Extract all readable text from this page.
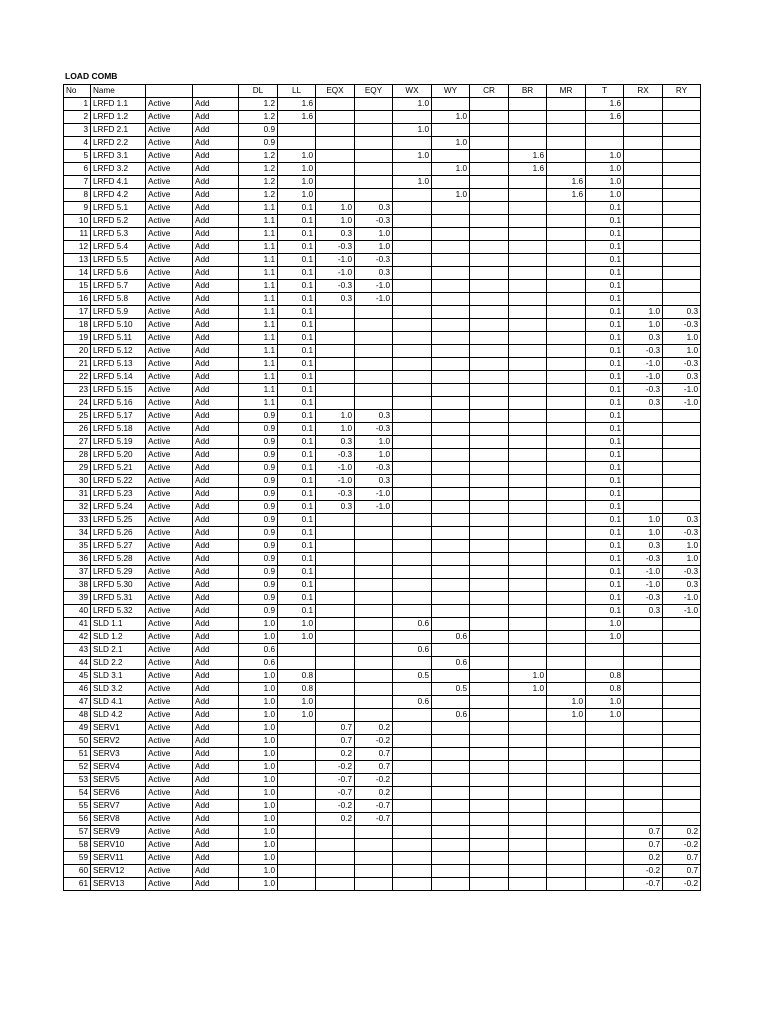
LOAD COMB
No	Name			DL	LL	EQX	EQY	WX	WY	CR	BR	MR	T	RX	RY
1	LRFD 1.1	Active	Add	1.2	1.6			1.0					1.6		
2	LRFD 1.2	Active	Add	1.2	1.6				1.0				1.6		
3	LRFD 2.1	Active	Add	0.9				1.0							
4	LRFD 2.2	Active	Add	0.9					1.0						
5	LRFD 3.1	Active	Add	1.2	1.0			1.0			1.6		1.0		
6	LRFD 3.2	Active	Add	1.2	1.0				1.0		1.6		1.0		
7	LRFD 4.1	Active	Add	1.2	1.0			1.0				1.6	1.0		
8	LRFD 4.2	Active	Add	1.2	1.0				1.0			1.6	1.0		
9	LRFD 5.1	Active	Add	1.1	0.1	1.0	0.3						0.1		
10	LRFD 5.2	Active	Add	1.1	0.1	1.0	-0.3						0.1		
11	LRFD 5.3	Active	Add	1.1	0.1	0.3	1.0						0.1		
12	LRFD 5.4	Active	Add	1.1	0.1	-0.3	1.0						0.1		
13	LRFD 5.5	Active	Add	1.1	0.1	-1.0	-0.3						0.1		
14	LRFD 5.6	Active	Add	1.1	0.1	-1.0	0.3						0.1		
15	LRFD 5.7	Active	Add	1.1	0.1	-0.3	-1.0						0.1		
16	LRFD 5.8	Active	Add	1.1	0.1	0.3	-1.0						0.1		
17	LRFD 5.9	Active	Add	1.1	0.1								0.1	1.0	0.3
18	LRFD 5.10	Active	Add	1.1	0.1								0.1	1.0	-0.3
19	LRFD 5.11	Active	Add	1.1	0.1								0.1	0.3	1.0
20	LRFD 5.12	Active	Add	1.1	0.1								0.1	-0.3	1.0
21	LRFD 5.13	Active	Add	1.1	0.1								0.1	-1.0	-0.3
22	LRFD 5.14	Active	Add	1.1	0.1								0.1	-1.0	0.3
23	LRFD 5.15	Active	Add	1.1	0.1								0.1	-0.3	-1.0
24	LRFD 5.16	Active	Add	1.1	0.1								0.1	0.3	-1.0
25	LRFD 5.17	Active	Add	0.9	0.1	1.0	0.3						0.1		
26	LRFD 5.18	Active	Add	0.9	0.1	1.0	-0.3						0.1		
27	LRFD 5.19	Active	Add	0.9	0.1	0.3	1.0						0.1		
28	LRFD 5.20	Active	Add	0.9	0.1	-0.3	1.0						0.1		
29	LRFD 5.21	Active	Add	0.9	0.1	-1.0	-0.3						0.1		
30	LRFD 5.22	Active	Add	0.9	0.1	-1.0	0.3						0.1		
31	LRFD 5.23	Active	Add	0.9	0.1	-0.3	-1.0						0.1		
32	LRFD 5.24	Active	Add	0.9	0.1	0.3	-1.0						0.1		
33	LRFD 5.25	Active	Add	0.9	0.1								0.1	1.0	0.3
34	LRFD 5.26	Active	Add	0.9	0.1								0.1	1.0	-0.3
35	LRFD 5.27	Active	Add	0.9	0.1								0.1	0.3	1.0
36	LRFD 5.28	Active	Add	0.9	0.1								0.1	-0.3	1.0
37	LRFD 5.29	Active	Add	0.9	0.1								0.1	-1.0	-0.3
38	LRFD 5.30	Active	Add	0.9	0.1								0.1	-1.0	0.3
39	LRFD 5.31	Active	Add	0.9	0.1								0.1	-0.3	-1.0
40	LRFD 5.32	Active	Add	0.9	0.1								0.1	0.3	-1.0
41	SLD 1.1	Active	Add	1.0	1.0			0.6					1.0		
42	SLD 1.2	Active	Add	1.0	1.0				0.6				1.0		
43	SLD 2.1	Active	Add	0.6				0.6							
44	SLD 2.2	Active	Add	0.6					0.6						
45	SLD 3.1	Active	Add	1.0	0.8			0.5			1.0		0.8		
46	SLD 3.2	Active	Add	1.0	0.8				0.5		1.0		0.8		
47	SLD 4.1	Active	Add	1.0	1.0			0.6				1.0	1.0		
48	SLD 4.2	Active	Add	1.0	1.0				0.6			1.0	1.0		
49	SERV1	Active	Add	1.0		0.7	0.2								
50	SERV2	Active	Add	1.0		0.7	-0.2								
51	SERV3	Active	Add	1.0		0.2	0.7								
52	SERV4	Active	Add	1.0		-0.2	0.7								
53	SERV5	Active	Add	1.0		-0.7	-0.2								
54	SERV6	Active	Add	1.0		-0.7	0.2								
55	SERV7	Active	Add	1.0		-0.2	-0.7								
56	SERV8	Active	Add	1.0		0.2	-0.7								
57	SERV9	Active	Add	1.0										0.7	0.2
58	SERV10	Active	Add	1.0										0.7	-0.2
59	SERV11	Active	Add	1.0										0.2	0.7
60	SERV12	Active	Add	1.0										-0.2	0.7
61	SERV13	Active	Add	1.0										-0.7	-0.2
